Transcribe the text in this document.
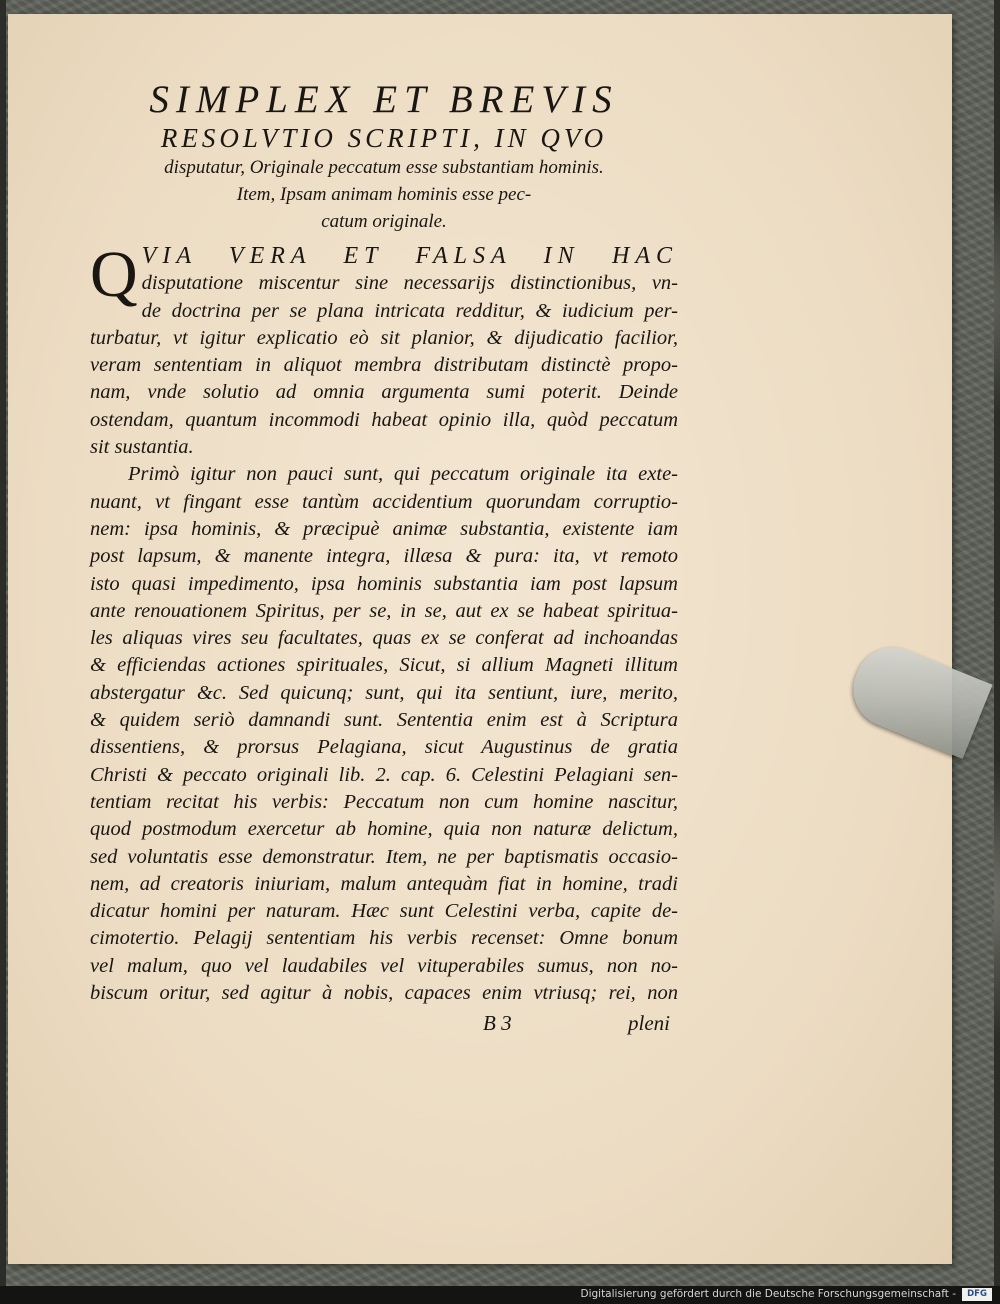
SIMPLEX ET BREVIS
RESOLVTIO SCRIPTI, IN QVO

disputatur, Originale peccatum esse substantiam hominis.

Item, Ipsam animam hominis esse pec-

catum originale.

Q VIA VERA ET FALSA IN HAC
disputatione miscentur sine necessarijs distinctionibus, vn-
de doctrina per se plana intricata redditur, & iudicium per-
turbatur, vt igitur explicatio eò sit planior, & dijudicatio facilior,
veram sententiam in aliquot membra distributam distinctè propo-
nam, vnde solutio ad omnia argumenta sumi poterit. Deinde
ostendam, quantum incommodi habeat opinio illa, quòd peccatum
sit sustantia.
Primò igitur non pauci sunt, qui peccatum originale ita exte-
nuant, vt fingant esse tantùm accidentium quorundam corruptio-
nem: ipsa hominis, & præcipuè animæ substantia, existente iam
post lapsum, & manente integra, illæsa & pura: ita, vt remoto
isto quasi impedimento, ipsa hominis substantia iam post lapsum
ante renouationem Spiritus, per se, in se, aut ex se habeat spiritua-
les aliquas vires seu facultates, quas ex se conferat ad inchoandas
& efficiendas actiones spirituales, Sicut, si allium Magneti illitum
abstergatur &c. Sed quicunq; sunt, qui ita sentiunt, iure, merito,
& quidem seriò damnandi sunt. Sententia enim est à Scriptura
dissentiens, & prorsus Pelagiana, sicut Augustinus de gratia
Christi & peccato originali lib. 2. cap. 6. Celestini Pelagiani sen-
tentiam recitat his verbis: Peccatum non cum homine nascitur,
quod postmodum exercetur ab homine, quia non naturæ delictum,
sed voluntatis esse demonstratur. Item, ne per baptismatis occasio-
nem, ad creatoris iniuriam, malum antequàm fiat in homine, tradi
dicatur homini per naturam. Hæc sunt Celestini verba, capite de-
cimotertio. Pelagij sententiam his verbis recenset: Omne bonum
vel malum, quo vel laudabiles vel vituperabiles sumus, non no-
biscum oritur, sed agitur à nobis, capaces enim vtriusq; rei, non
B 3	pleni
Digitalisierung gefördert durch die Deutsche Forschungsgemeinschaft -	DFG
